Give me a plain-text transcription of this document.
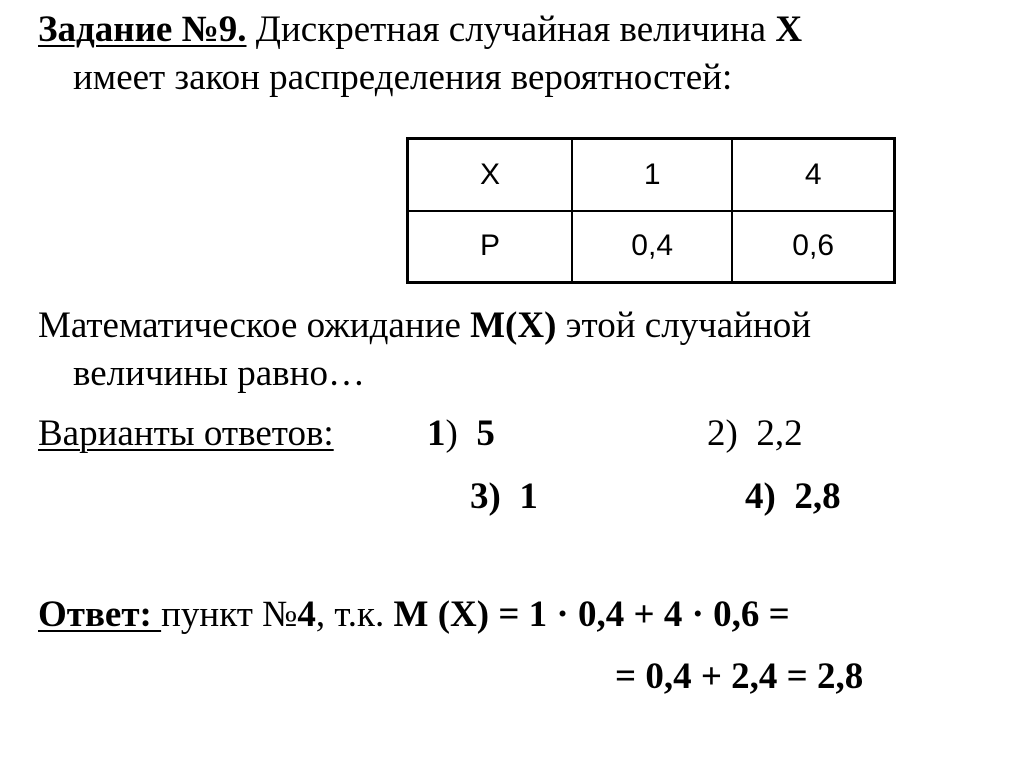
Задание №9. Дискретная случайная величина X
имеет закон распределения вероятностей:
X	1	4
P	0,4	0,6
Математическое ожидание M(X) этой случайной
величины равно…
Варианты ответов:	1) 5	2) 2,2
3) 1	4) 2,8
Ответ: пункт №4, т.к. M (X) = 1 · 0,4 + 4 · 0,6 =
= 0,4 + 2,4 = 2,8
